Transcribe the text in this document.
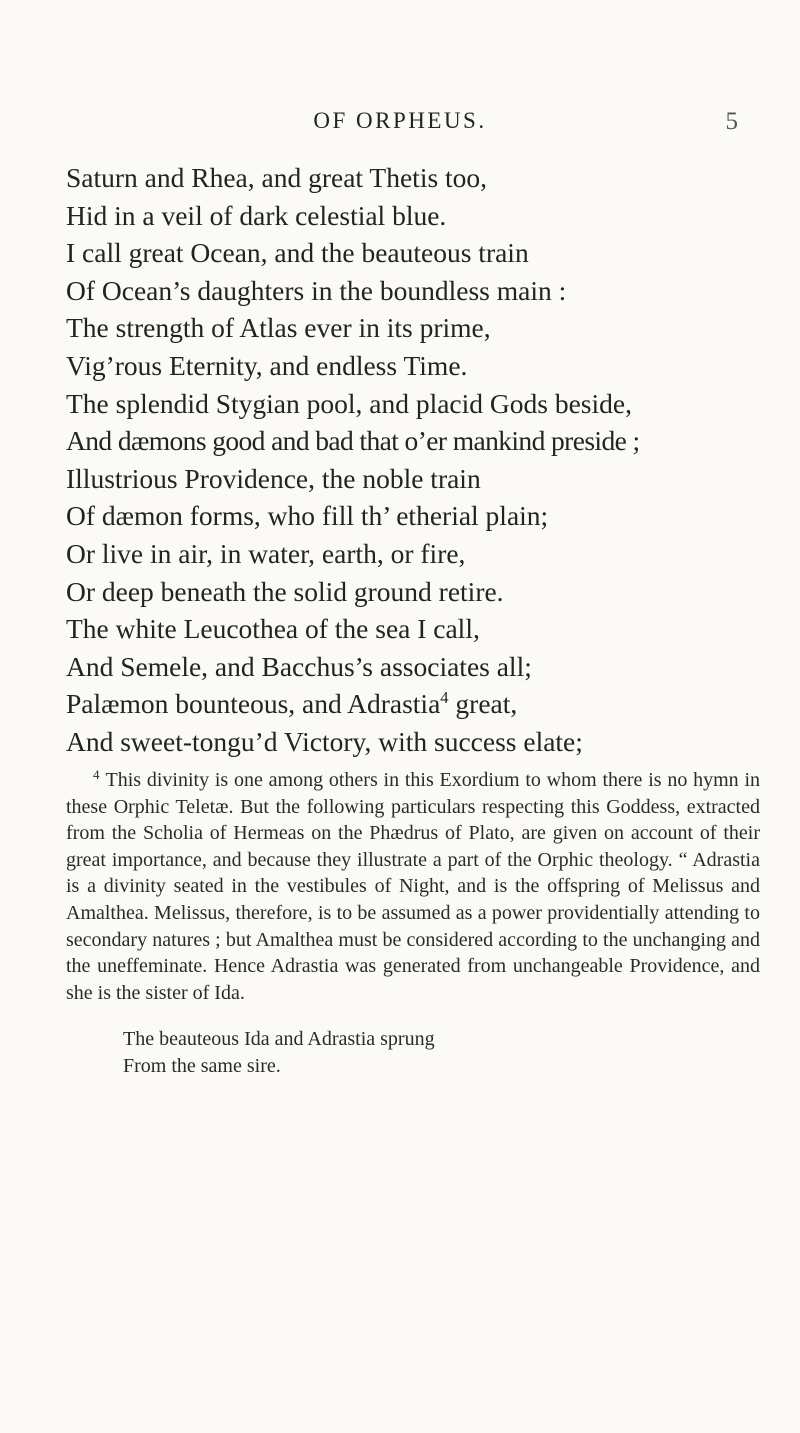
OF ORPHEUS.	5
Saturn and Rhea, and great Thetis too,
Hid in a veil of dark celestial blue.
I call great Ocean, and the beauteous train
Of Ocean’s daughters in the boundless main :
The strength of Atlas ever in its prime,
Vig’rous Eternity, and endless Time.
The splendid Stygian pool, and placid Gods beside,
And dæmons good and bad that o’er mankind preside ;
Illustrious Providence, the noble train
Of dæmon forms, who fill th’ etherial plain;
Or live in air, in water, earth, or fire,
Or deep beneath the solid ground retire.
The white Leucothea of the sea I call,
And Semele, and Bacchus’s associates all;
Palæmon bounteous, and Adrastia$^4$ great,
And sweet-tongu’d Victory, with success elate;

$^4$ This divinity is one among others in this Exordium to whom there is no hymn in these Orphic Teletæ. But the following particulars respecting this Goddess, extracted from the Scholia of Hermeas on the Phædrus of Plato, are given on account of their great importance, and because they illustrate a part of the Orphic theology. “ Adrastia is a divinity seated in the vestibules of Night, and is the offspring of Melissus and Amalthea. Melissus, therefore, is to be assumed as a power providentially attending to secondary natures ; but Amalthea must be considered according to the unchanging and the uneffeminate. Hence Adrastia was generated from unchangeable Providence, and she is the sister of Ida.

The beauteous Ida and Adrastia sprung
From the same sire.
